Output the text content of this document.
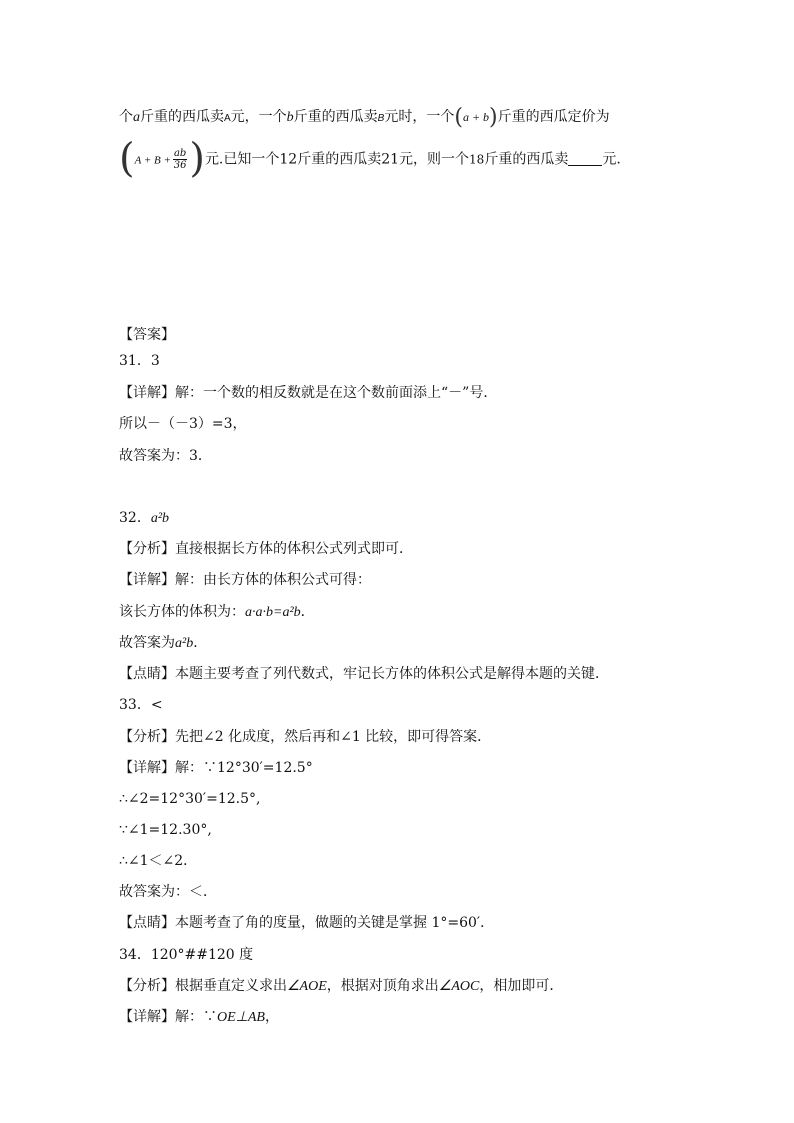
个a斤重的西瓜卖A元，一个b斤重的西瓜卖B元时，一个(a + b)斤重的西瓜定价为
($A + B + \frac{ab}{36}$ )元.已知一个12斤重的西瓜卖21元，则一个18斤重的西瓜卖 元.
【答案】
31．3
【详解】解：一个数的相反数就是在这个数前面添上“－”号．
所以－（－3）=3，
故答案为：3．
32．a²b
【分析】直接根据长方体的体积公式列式即可．
【详解】解：由长方体的体积公式可得：
该长方体的体积为：a·a·b=a²b．
故答案为a²b．
【点睛】本题主要考查了列代数式，牢记长方体的体积公式是解得本题的关键．
33．<
【分析】先把∠2 化成度，然后再和∠1 比较，即可得答案．
【详解】解：∵12°30′=12.5°
∴∠2=12°30′=12.5°,
∵∠1=12.30°,
∴∠1＜∠2．
故答案为：＜．
【点睛】本题考查了角的度量，做题的关键是掌握 1°=60′．
34．120°##120 度
【分析】根据垂直定义求出∠AOE，根据对顶角求出∠AOC，相加即可．
【详解】解：∵OE⊥AB，
